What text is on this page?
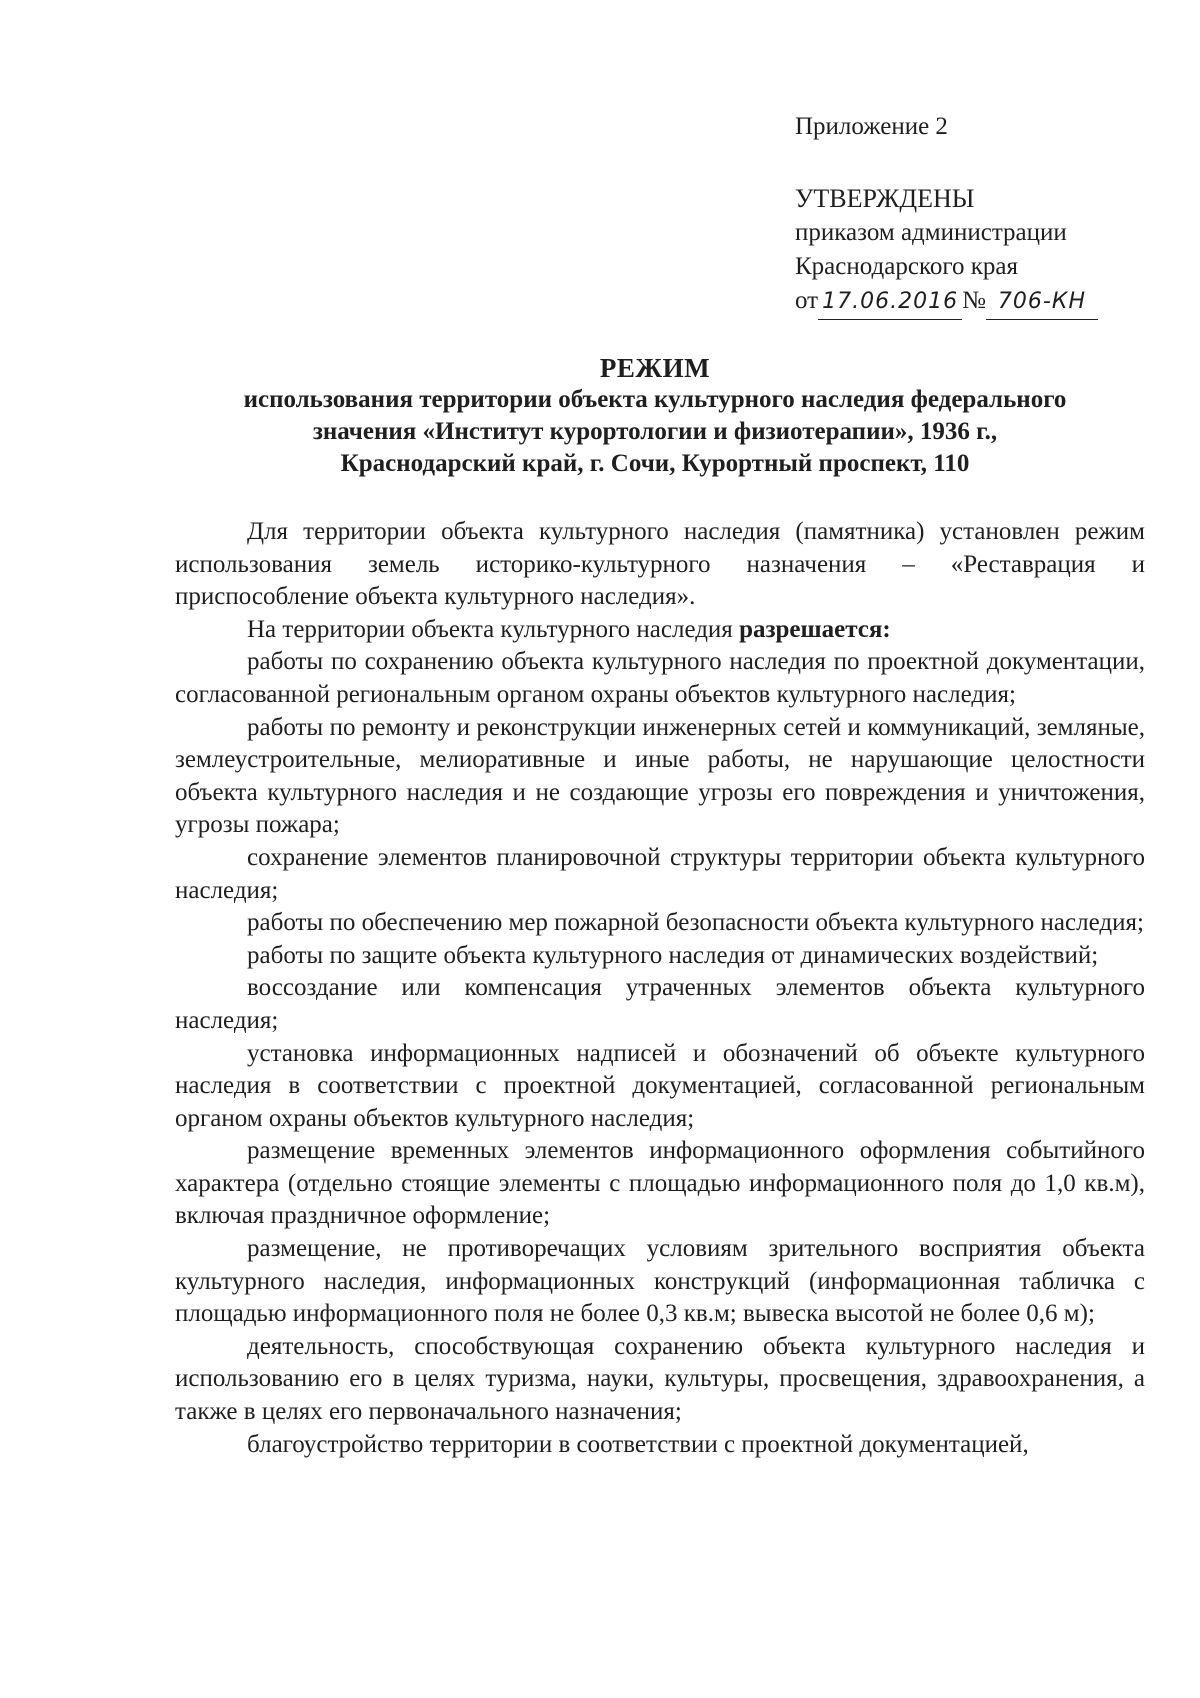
Приложение 2
УТВЕРЖДЕНЫ
приказом администрации
Краснодарского края
от 17.06.2016 № 706-КН
РЕЖИМ
использования территории объекта культурного наследия федерального
значения «Институт курортологии и физиотерапии», 1936 г.,
Краснодарский край, г. Сочи, Курортный проспект, 110

Для территории объекта культурного наследия (памятника) установлен режим использования земель историко-культурного назначения – «Реставрация и приспособление объекта культурного наследия».

На территории объекта культурного наследия разрешается:

работы по сохранению объекта культурного наследия по проектной документации, согласованной региональным органом охраны объектов культурного наследия;

работы по ремонту и реконструкции инженерных сетей и коммуникаций, земляные, землеустроительные, мелиоративные и иные работы, не нарушающие целостности объекта культурного наследия и не создающие угрозы его повреждения и уничтожения, угрозы пожара;

сохранение элементов планировочной структуры территории объекта культурного наследия;

работы по обеспечению мер пожарной безопасности объекта культурного наследия;

работы по защите объекта культурного наследия от динамических воздействий;

воссоздание или компенсация утраченных элементов объекта культурного наследия;

установка информационных надписей и обозначений об объекте культурного наследия в соответствии с проектной документацией, согласованной региональным органом охраны объектов культурного наследия;

размещение временных элементов информационного оформления событийного характера (отдельно стоящие элементы с площадью информационного поля до 1,0 кв.м), включая праздничное оформление;

размещение, не противоречащих условиям зрительного восприятия объекта культурного наследия, информационных конструкций (информационная табличка с площадью информационного поля не более 0,3 кв.м; вывеска высотой не более 0,6 м);

деятельность, способствующая сохранению объекта культурного наследия и использованию его в целях туризма, науки, культуры, просвещения, здравоохранения, а также в целях его первоначального назначения;

благоустройство территории в соответствии с проектной документацией,
